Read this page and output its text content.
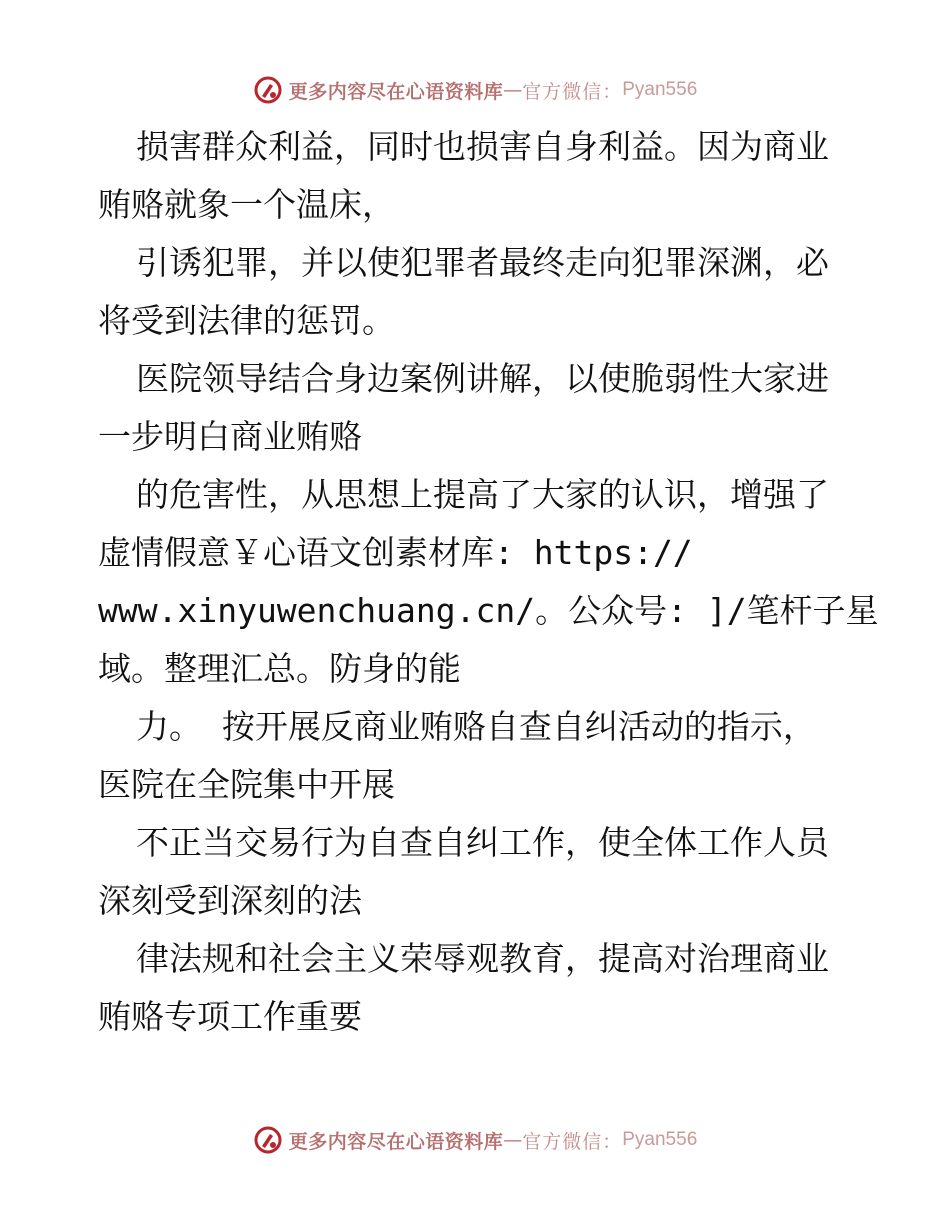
更多内容尽在心语资料库 — 官方微信： Pyan556
损害群众利益，同时也损害自身利益。因为商业
贿赂就象一个温床，
引诱犯罪，并以使犯罪者最终走向犯罪深渊，必
将受到法律的惩罚。
医院领导结合身边案例讲解，以使脆弱性大家进
一步明白商业贿赂
的危害性，从思想上提高了大家的认识，增强了
虚情假意￥心语文创素材库: https://
www.xinyuwenchuang.cn/。公众号: ]/笔杆子星
域。整理汇总。防身的能
力。 按开展反商业贿赂自查自纠活动的指示，
医院在全院集中开展
不正当交易行为自查自纠工作，使全体工作人员
深刻受到深刻的法
律法规和社会主义荣辱观教育，提高对治理商业
贿赂专项工作重要
更多内容尽在心语资料库 — 官方微信： Pyan556
